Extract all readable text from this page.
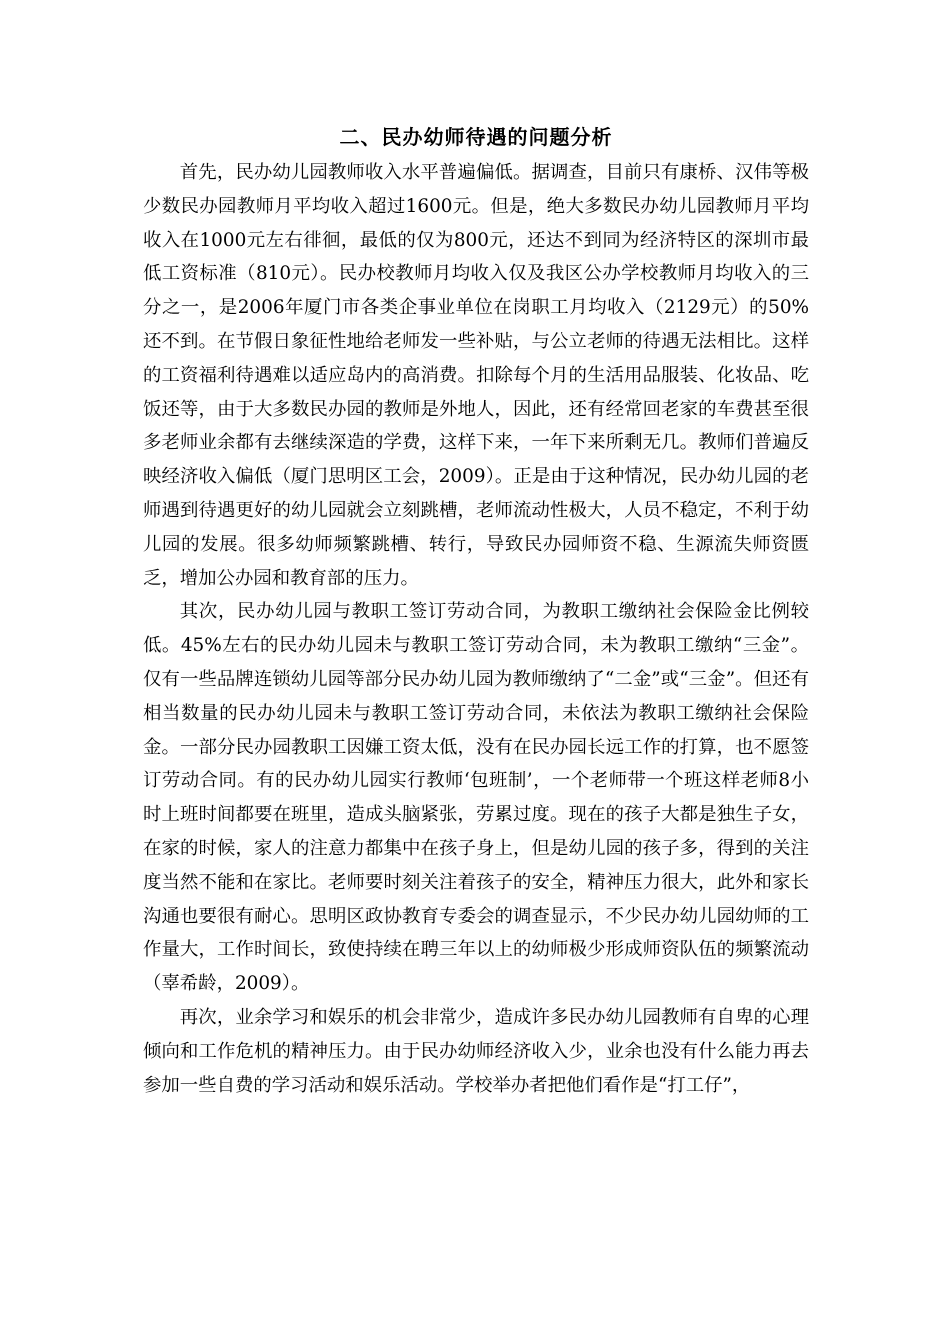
二、民办幼师待遇的问题分析

首先，民办幼儿园教师收入水平普遍偏低。据调查，目前只有康桥、汉伟等极少数民办园教师月平均收入超过1600元。但是，绝大多数民办幼儿园教师月平均收入在1000元左右徘徊，最低的仅为800元，还达不到同为经济特区的深圳市最低工资标准（810元）。民办校教师月均收入仅及我区公办学校教师月均收入的三分之一，是2006年厦门市各类企事业单位在岗职工月均收入（2129元）的50%还不到。在节假日象征性地给老师发一些补贴，与公立老师的待遇无法相比。这样的工资福利待遇难以适应岛内的高消费。扣除每个月的生活用品服装、化妆品、吃饭还等，由于大多数民办园的教师是外地人，因此，还有经常回老家的车费甚至很多老师业余都有去继续深造的学费，这样下来，一年下来所剩无几。教师们普遍反映经济收入偏低（厦门思明区工会，2009）。正是由于这种情况，民办幼儿园的老师遇到待遇更好的幼儿园就会立刻跳槽，老师流动性极大，人员不稳定，不利于幼儿园的发展。很多幼师频繁跳槽、转行，导致民办园师资不稳、生源流失师资匮乏，增加公办园和教育部的压力。

其次，民办幼儿园与教职工签订劳动合同，为教职工缴纳社会保险金比例较低。45%左右的民办幼儿园未与教职工签订劳动合同，未为教职工缴纳“三金”。仅有一些品牌连锁幼儿园等部分民办幼儿园为教师缴纳了“二金”或“三金”。但还有相当数量的民办幼儿园未与教职工签订劳动合同，未依法为教职工缴纳社会保险金。一部分民办园教职工因嫌工资太低，没有在民办园长远工作的打算，也不愿签订劳动合同。有的民办幼儿园实行教师‘包班制’，一个老师带一个班这样老师8小时上班时间都要在班里，造成头脑紧张，劳累过度。现在的孩子大都是独生子女，在家的时候，家人的注意力都集中在孩子身上，但是幼儿园的孩子多，得到的关注度当然不能和在家比。老师要时刻关注着孩子的安全，精神压力很大，此外和家长沟通也要很有耐心。思明区政协教育专委会的调查显示，不少民办幼儿园幼师的工作量大，工作时间长，致使持续在聘三年以上的幼师极少形成师资队伍的频繁流动（辜希龄，2009）。

再次，业余学习和娱乐的机会非常少，造成许多民办幼儿园教师有自卑的心理倾向和工作危机的精神压力。由于民办幼师经济收入少，业余也没有什么能力再去参加一些自费的学习活动和娱乐活动。学校举办者把他们看作是“打工仔”，
